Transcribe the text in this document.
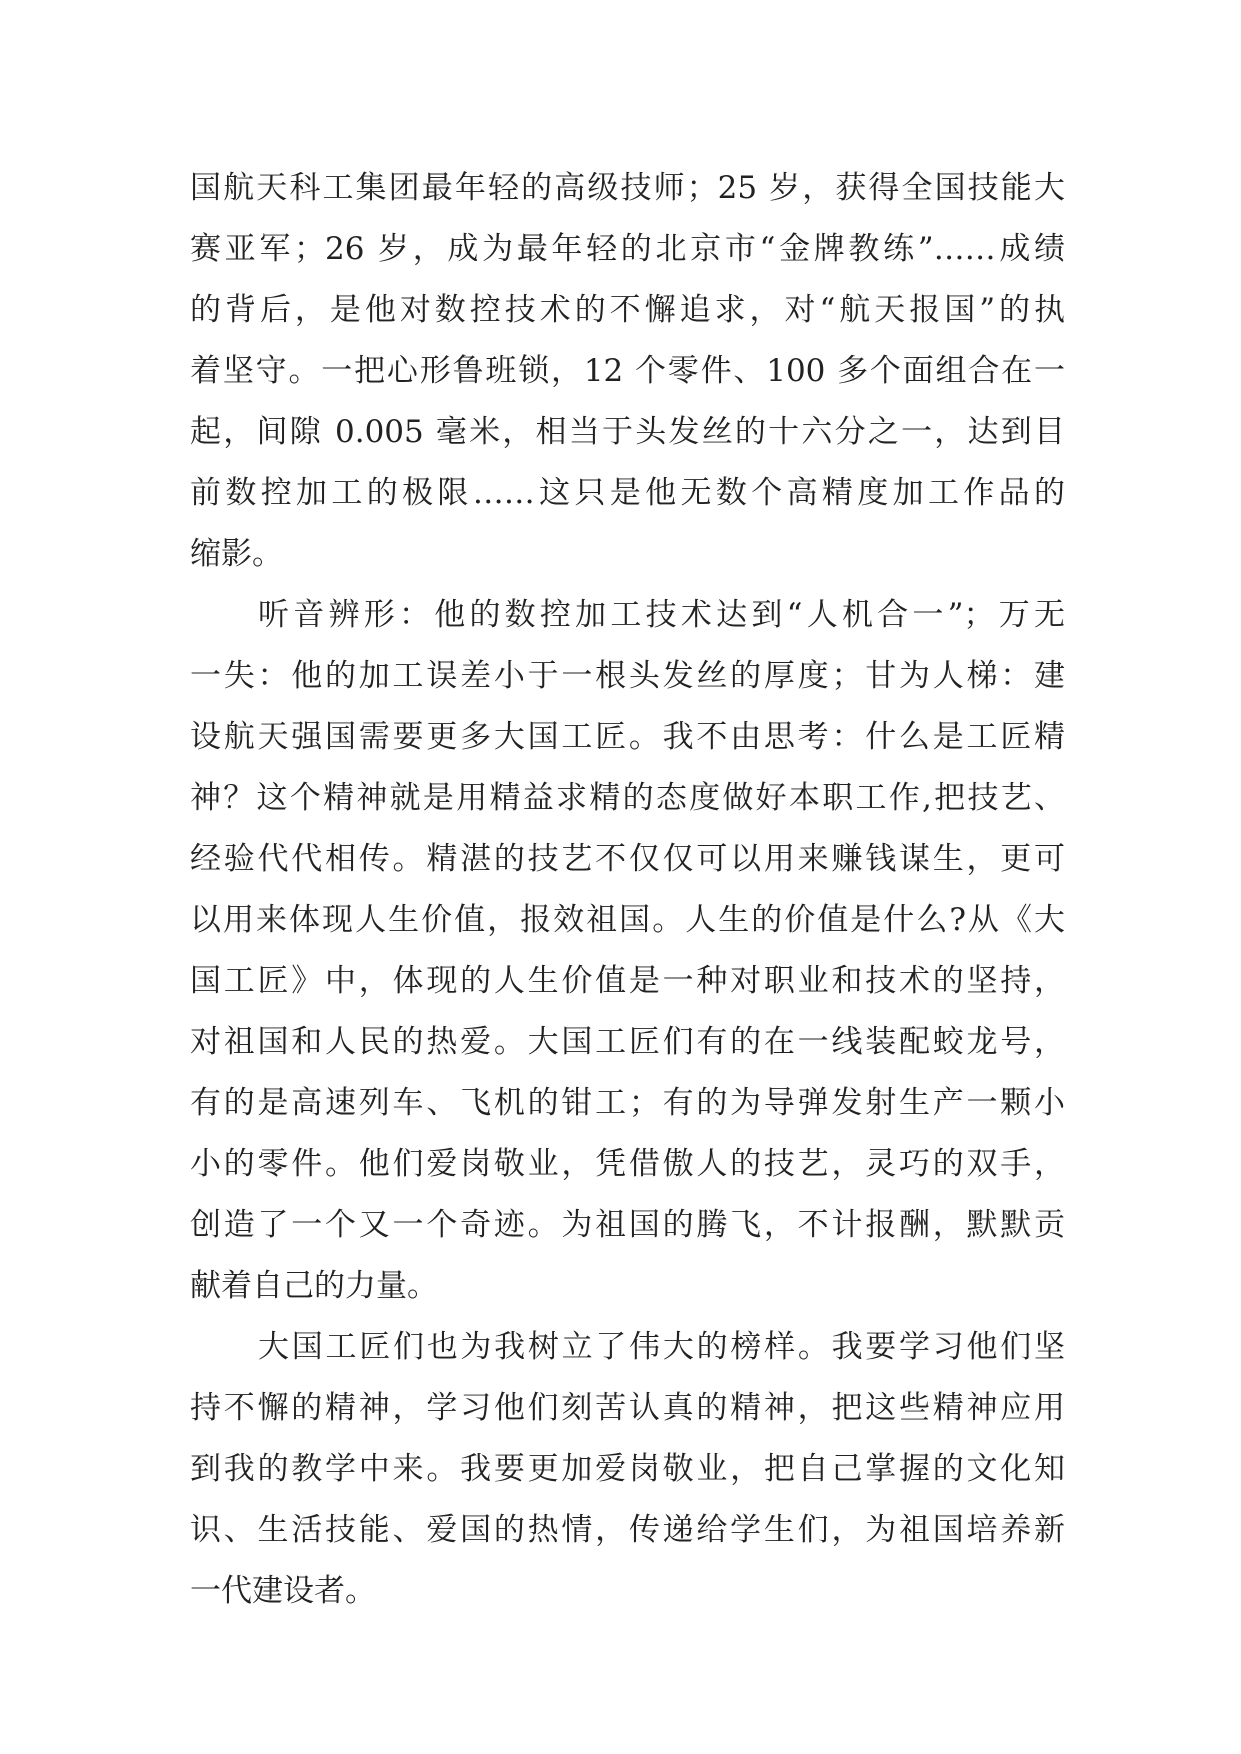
国航天科工集团最年轻的高级技师；25 岁，获得全国技能大
赛亚军；26 岁，成为最年轻的北京市“金牌教练”……成绩
的背后，是他对数控技术的不懈追求，对“航天报国”的执
着坚守。一把心形鲁班锁，12 个零件、100 多个面组合在一
起，间隙 0.005 毫米，相当于头发丝的十六分之一，达到目
前数控加工的极限……这只是他无数个高精度加工作品的
缩影。
听音辨形：他的数控加工技术达到“人机合一”；万无
一失：他的加工误差小于一根头发丝的厚度；甘为人梯：建
设航天强国需要更多大国工匠。我不由思考：什么是工匠精
神？这个精神就是用精益求精的态度做好本职工作,把技艺、
经验代代相传。精湛的技艺不仅仅可以用来赚钱谋生，更可
以用来体现人生价值，报效祖国。人生的价值是什么?从《大
国工匠》中，体现的人生价值是一种对职业和技术的坚持，
对祖国和人民的热爱。大国工匠们有的在一线装配蛟龙号，
有的是高速列车、飞机的钳工；有的为导弹发射生产一颗小
小的零件。他们爱岗敬业，凭借傲人的技艺，灵巧的双手，
创造了一个又一个奇迹。为祖国的腾飞，不计报酬，默默贡
献着自己的力量。
大国工匠们也为我树立了伟大的榜样。我要学习他们坚
持不懈的精神，学习他们刻苦认真的精神，把这些精神应用
到我的教学中来。我要更加爱岗敬业，把自己掌握的文化知
识、生活技能、爱国的热情，传递给学生们，为祖国培养新
一代建设者。
